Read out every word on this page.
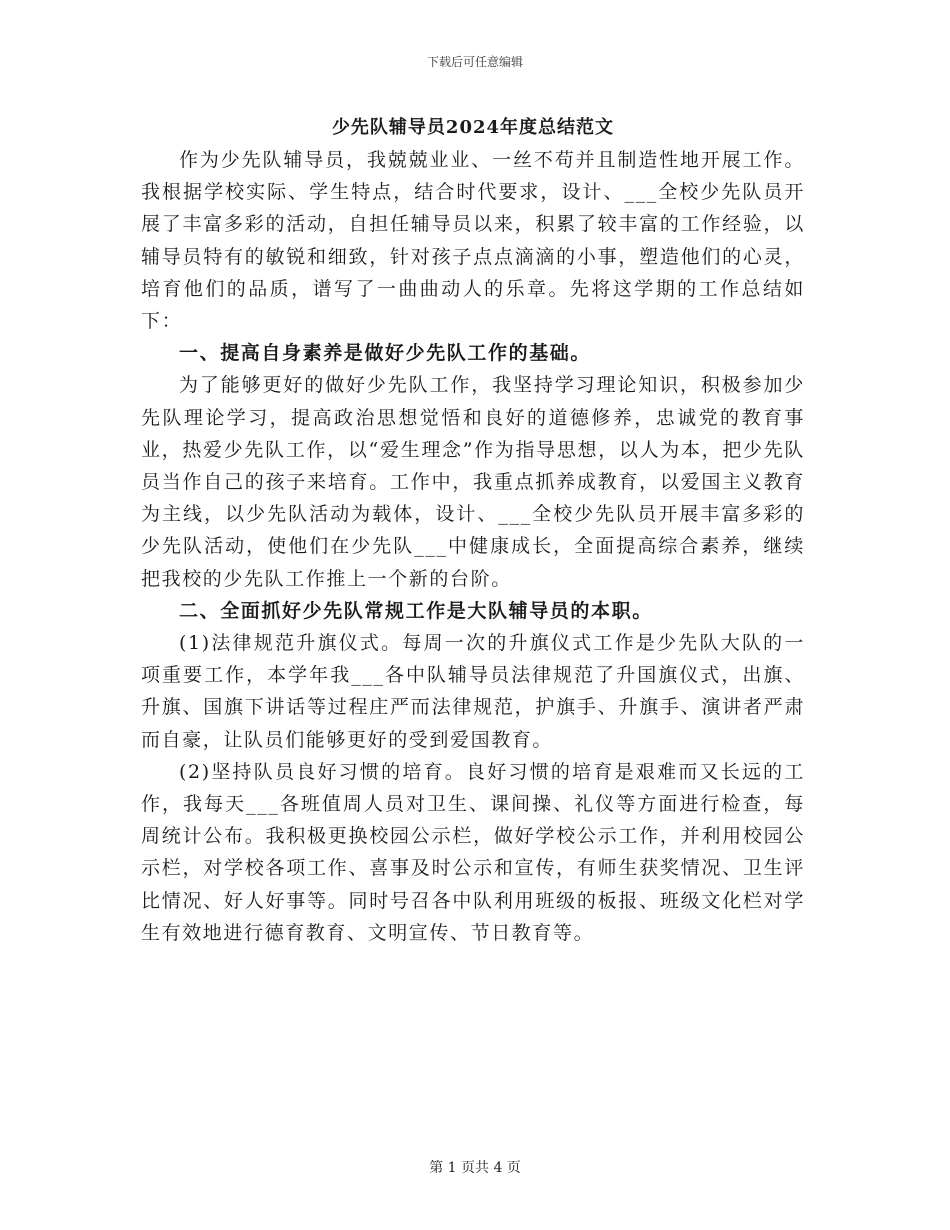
下载后可任意编辑
少先队辅导员2024年度总结范文

作为少先队辅导员，我兢兢业业、一丝不苟并且制造性地开展工作。我根据学校实际、学生特点，结合时代要求，设计、___全校少先队员开展了丰富多彩的活动，自担任辅导员以来，积累了较丰富的工作经验，以辅导员特有的敏锐和细致，针对孩子点点滴滴的小事，塑造他们的心灵，培育他们的品质，谱写了一曲曲动人的乐章。先将这学期的工作总结如下：

一、提高自身素养是做好少先队工作的基础。

为了能够更好的做好少先队工作，我坚持学习理论知识，积极参加少先队理论学习，提高政治思想觉悟和良好的道德修养，忠诚党的教育事业，热爱少先队工作，以“爱生理念”作为指导思想，以人为本，把少先队员当作自己的孩子来培育。工作中，我重点抓养成教育，以爱国主义教育为主线，以少先队活动为载体，设计、___全校少先队员开展丰富多彩的少先队活动，使他们在少先队___中健康成长，全面提高综合素养，继续把我校的少先队工作推上一个新的台阶。

二、全面抓好少先队常规工作是大队辅导员的本职。

(1)法律规范升旗仪式。每周一次的升旗仪式工作是少先队大队的一项重要工作，本学年我___各中队辅导员法律规范了升国旗仪式，出旗、升旗、国旗下讲话等过程庄严而法律规范，护旗手、升旗手、演讲者严肃而自豪，让队员们能够更好的受到爱国教育。

(2)坚持队员良好习惯的培育。良好习惯的培育是艰难而又长远的工作，我每天___各班值周人员对卫生、课间操、礼仪等方面进行检查，每周统计公布。我积极更换校园公示栏，做好学校公示工作，并利用校园公示栏，对学校各项工作、喜事及时公示和宣传，有师生获奖情况、卫生评比情况、好人好事等。同时号召各中队利用班级的板报、班级文化栏对学生有效地进行德育教育、文明宣传、节日教育等。

第 1 页共 4 页
